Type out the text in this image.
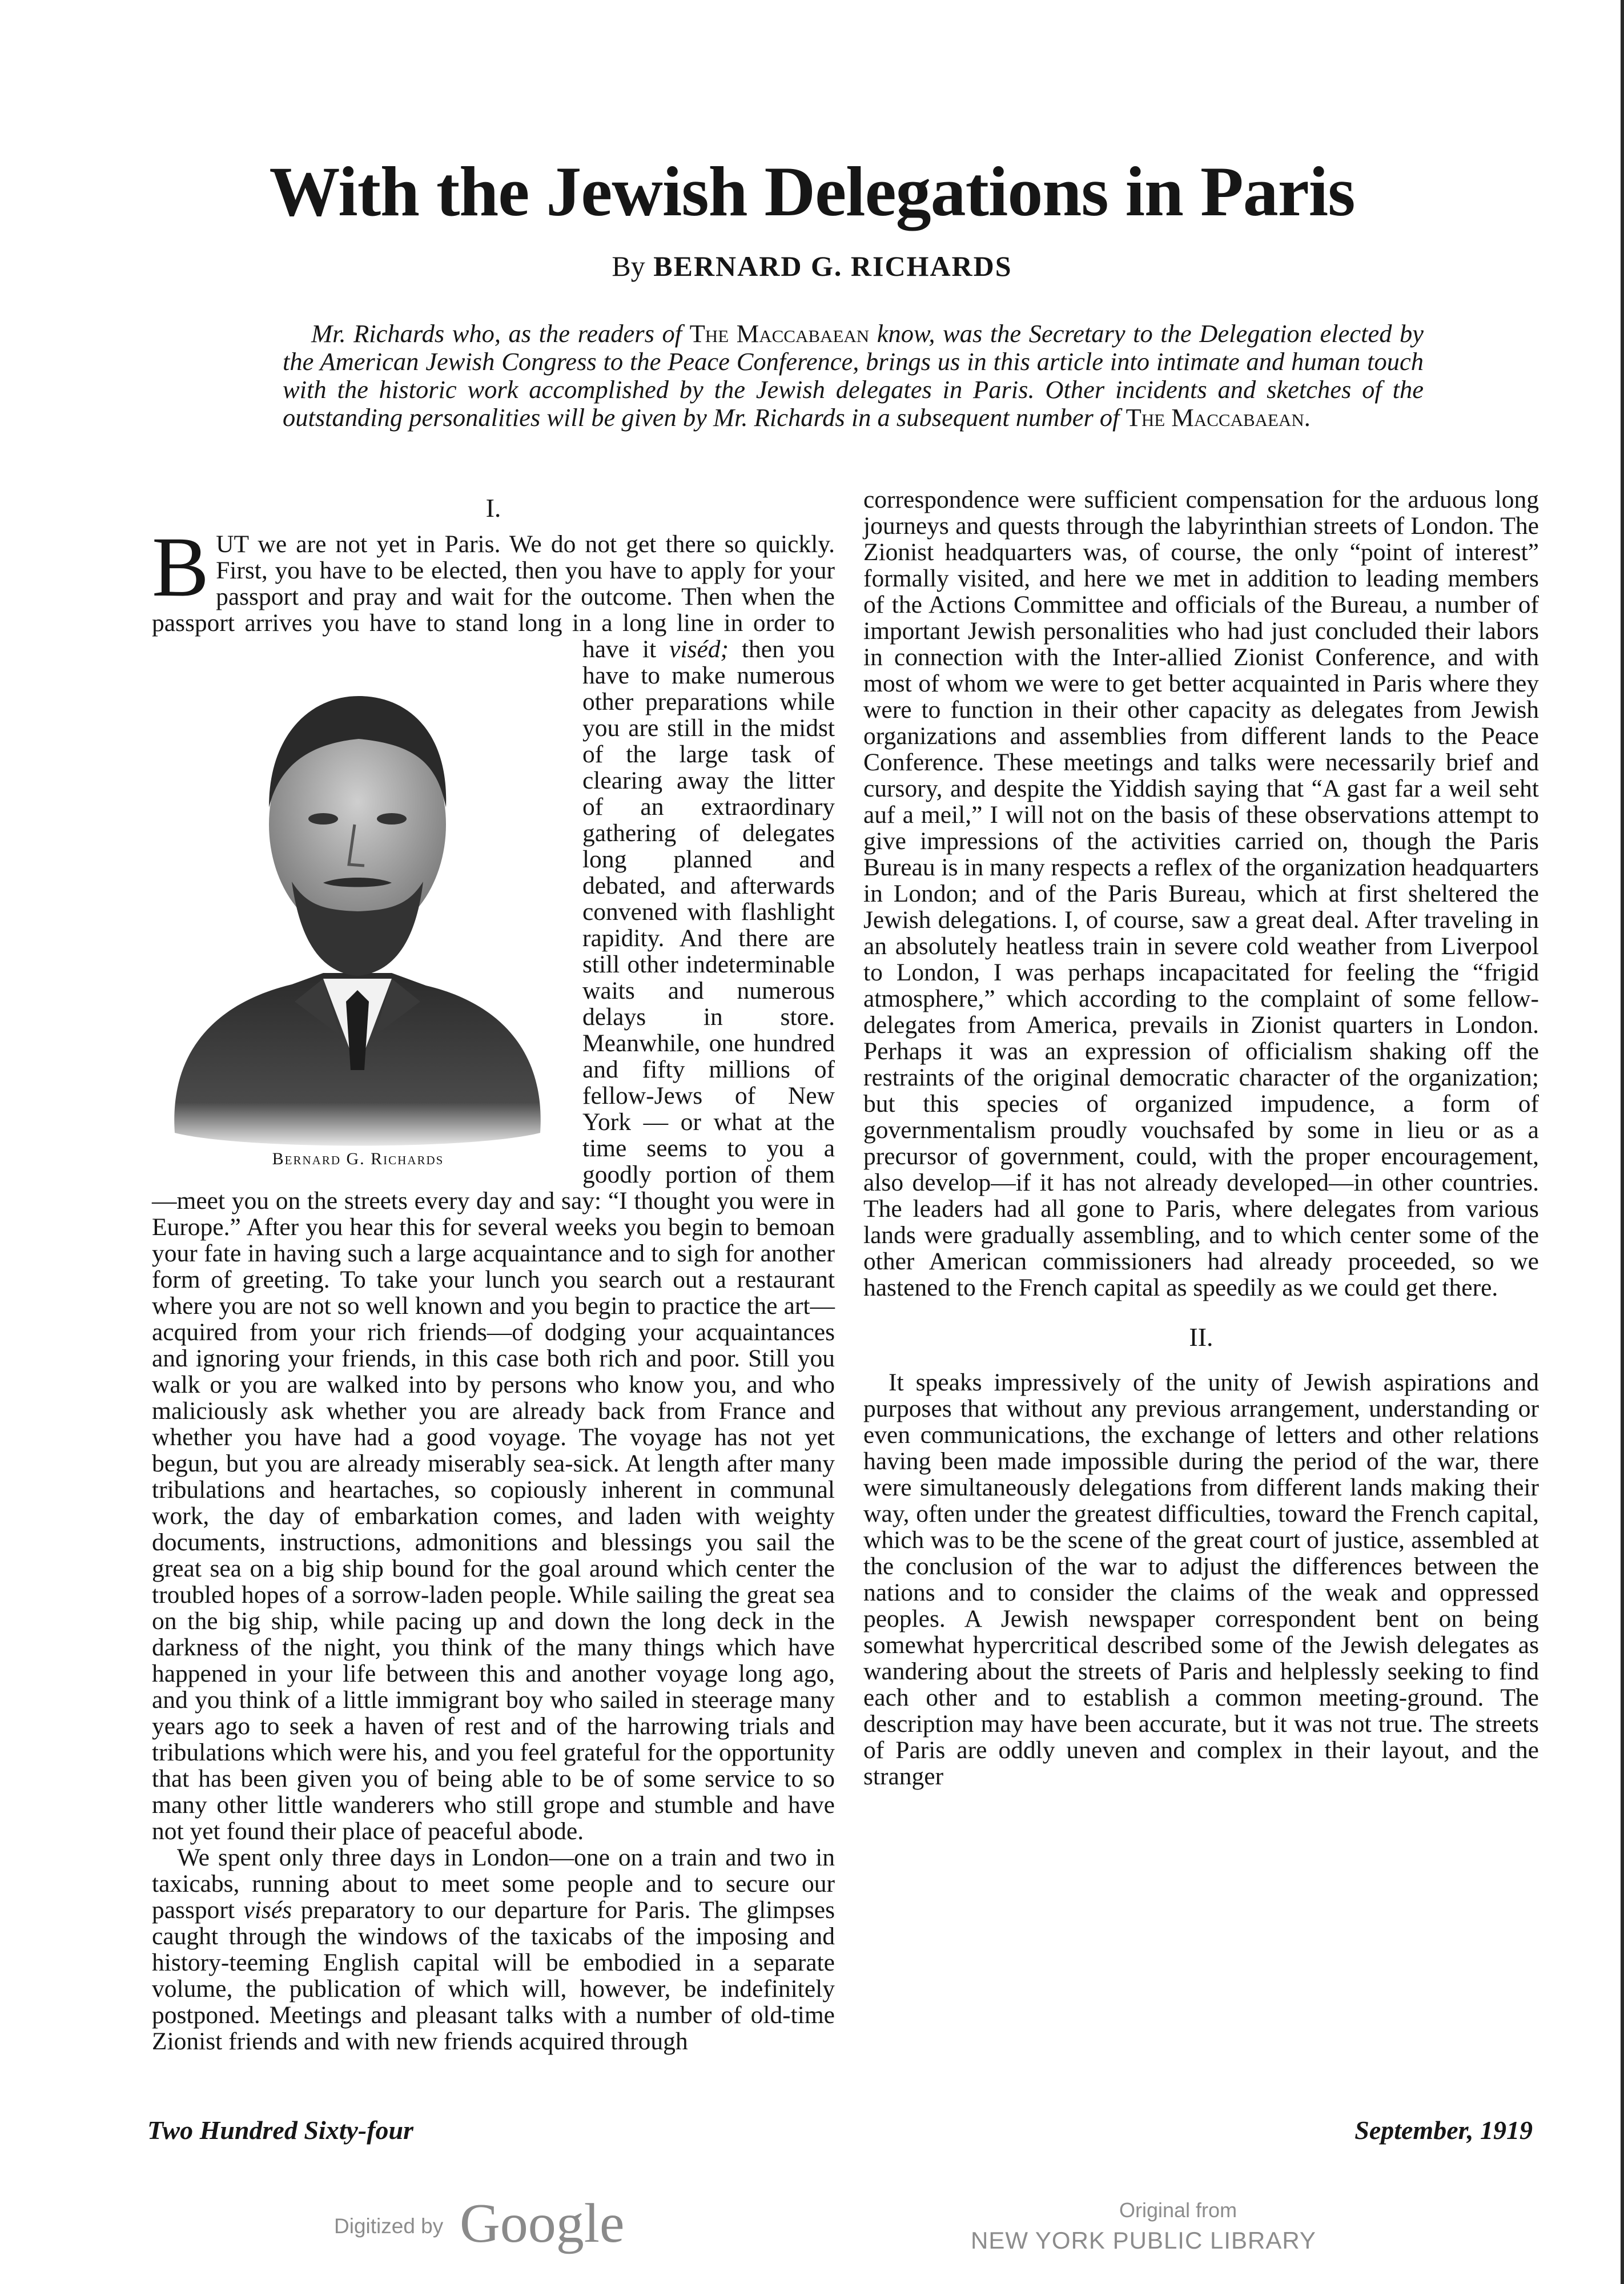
With the Jewish Delegations in Paris
By BERNARD G. RICHARDS
Mr. Richards who, as the readers of The Maccabaean know, was the Secretary to the Delegation elected by the American Jewish Congress to the Peace Conference, brings us in this article into intimate and human touch with the historic work accomplished by the Jewish delegates in Paris. Other incidents and sketches of the outstanding personalities will be given by Mr. Richards in a subsequent number of The Maccabaean.
I.

BUT we are not yet in Paris. We do not get there so quickly. First, you have to be elected, then you have to apply for your passport and pray and wait for the outcome. Then when the passport arrives you have to stand long in a long line in order to have it viséd;
Bernard G. Richards
then you have to make numerous other preparations while you are still in the midst of the large task of clearing away the litter of an extraordinary gathering of delegates long planned and debated, and afterwards convened with flashlight rapidity. And there are still other indeterminable waits and numerous delays in store. Meanwhile, one hundred and fifty millions of fellow-Jews of New York — or what at the time seems to you a goodly portion of them—meet you on the streets every day and say: “I thought you were in Europe.” After you hear this for several weeks you begin to bemoan your fate in having such a large acquaintance and to sigh for another form of greeting. To take your lunch you search out a restaurant where you are not so well known and you begin to practice the art—acquired from your rich friends—of dodging your acquaintances and ignoring your friends, in this case both rich and poor. Still you walk or you are walked into by persons who know you, and who maliciously ask whether you are already back from France and whether you have had a good voyage. The voyage has not yet begun, but you are already miserably sea-sick. At length after many tribulations and heartaches, so copiously inherent in communal work, the day of embarkation comes, and laden with weighty documents, instructions, admonitions and blessings you sail the great sea on a big ship bound for the goal around which center the troubled hopes of a sorrow-laden people. While sailing the great sea on the big ship, while pacing up and down the long deck in the darkness of the night, you think of the many things which have happened in your life between this and another voyage long ago, and you think of a little immigrant boy who sailed in steerage many years ago to seek a haven of rest and of the harrowing trials and tribulations which were his, and you feel grateful for the opportunity that has been given you of being able to be of some service to so many other little wanderers who still grope and stumble and have not yet found their place of peaceful abode.

We spent only three days in London—one on a train and two in taxicabs, running about to meet some people and to secure our passport visés preparatory to our departure for Paris. The glimpses caught through the windows of the taxicabs of the imposing and history-teeming English capital will be embodied in a separate volume, the publication of which will, however, be indefinitely postponed. Meetings and pleasant talks with a number of old-time Zionist friends and with new friends acquired through

correspondence were sufficient compensation for the arduous long journeys and quests through the labyrinthian streets of London. The Zionist headquarters was, of course, the only “point of interest” formally visited, and here we met in addition to leading members of the Actions Committee and officials of the Bureau, a number of important Jewish personalities who had just concluded their labors in connection with the Inter-allied Zionist Conference, and with most of whom we were to get better acquainted in Paris where they were to function in their other capacity as delegates from Jewish organizations and assemblies from different lands to the Peace Conference. These meetings and talks were necessarily brief and cursory, and despite the Yiddish saying that “A gast far a weil seht auf a meil,” I will not on the basis of these observations attempt to give impressions of the activities carried on, though the Paris Bureau is in many respects a reflex of the organization headquarters in London; and of the Paris Bureau, which at first sheltered the Jewish delegations. I, of course, saw a great deal. After traveling in an absolutely heatless train in severe cold weather from Liverpool to London, I was perhaps incapacitated for feeling the “frigid atmosphere,” which according to the complaint of some fellow-delegates from America, prevails in Zionist quarters in London. Perhaps it was an expression of officialism shaking off the restraints of the original democratic character of the organization; but this species of organized impudence, a form of governmentalism proudly vouchsafed by some in lieu or as a precursor of government, could, with the proper encouragement, also develop—if it has not already developed—in other countries. The leaders had all gone to Paris, where delegates from various lands were gradually assembling, and to which center some of the other American commissioners had already proceeded, so we hastened to the French capital as speedily as we could get there.

II.

It speaks impressively of the unity of Jewish aspirations and purposes that without any previous arrangement, understanding or even communications, the exchange of letters and other relations having been made impossible during the period of the war, there were simultaneously delegations from different lands making their way, often under the greatest difficulties, toward the French capital, which was to be the scene of the great court of justice, assembled at the conclusion of the war to adjust the differences between the nations and to consider the claims of the weak and oppressed peoples. A Jewish newspaper correspondent bent on being somewhat hypercritical described some of the Jewish delegates as wandering about the streets of Paris and helplessly seeking to find each other and to establish a common meeting-ground. The description may have been accurate, but it was not true. The streets of Paris are oddly uneven and complex in their layout, and the stranger

Two Hundred Sixty-four	September, 1919
Digitized by Google	Original from
NEW YORK PUBLIC LIBRARY
